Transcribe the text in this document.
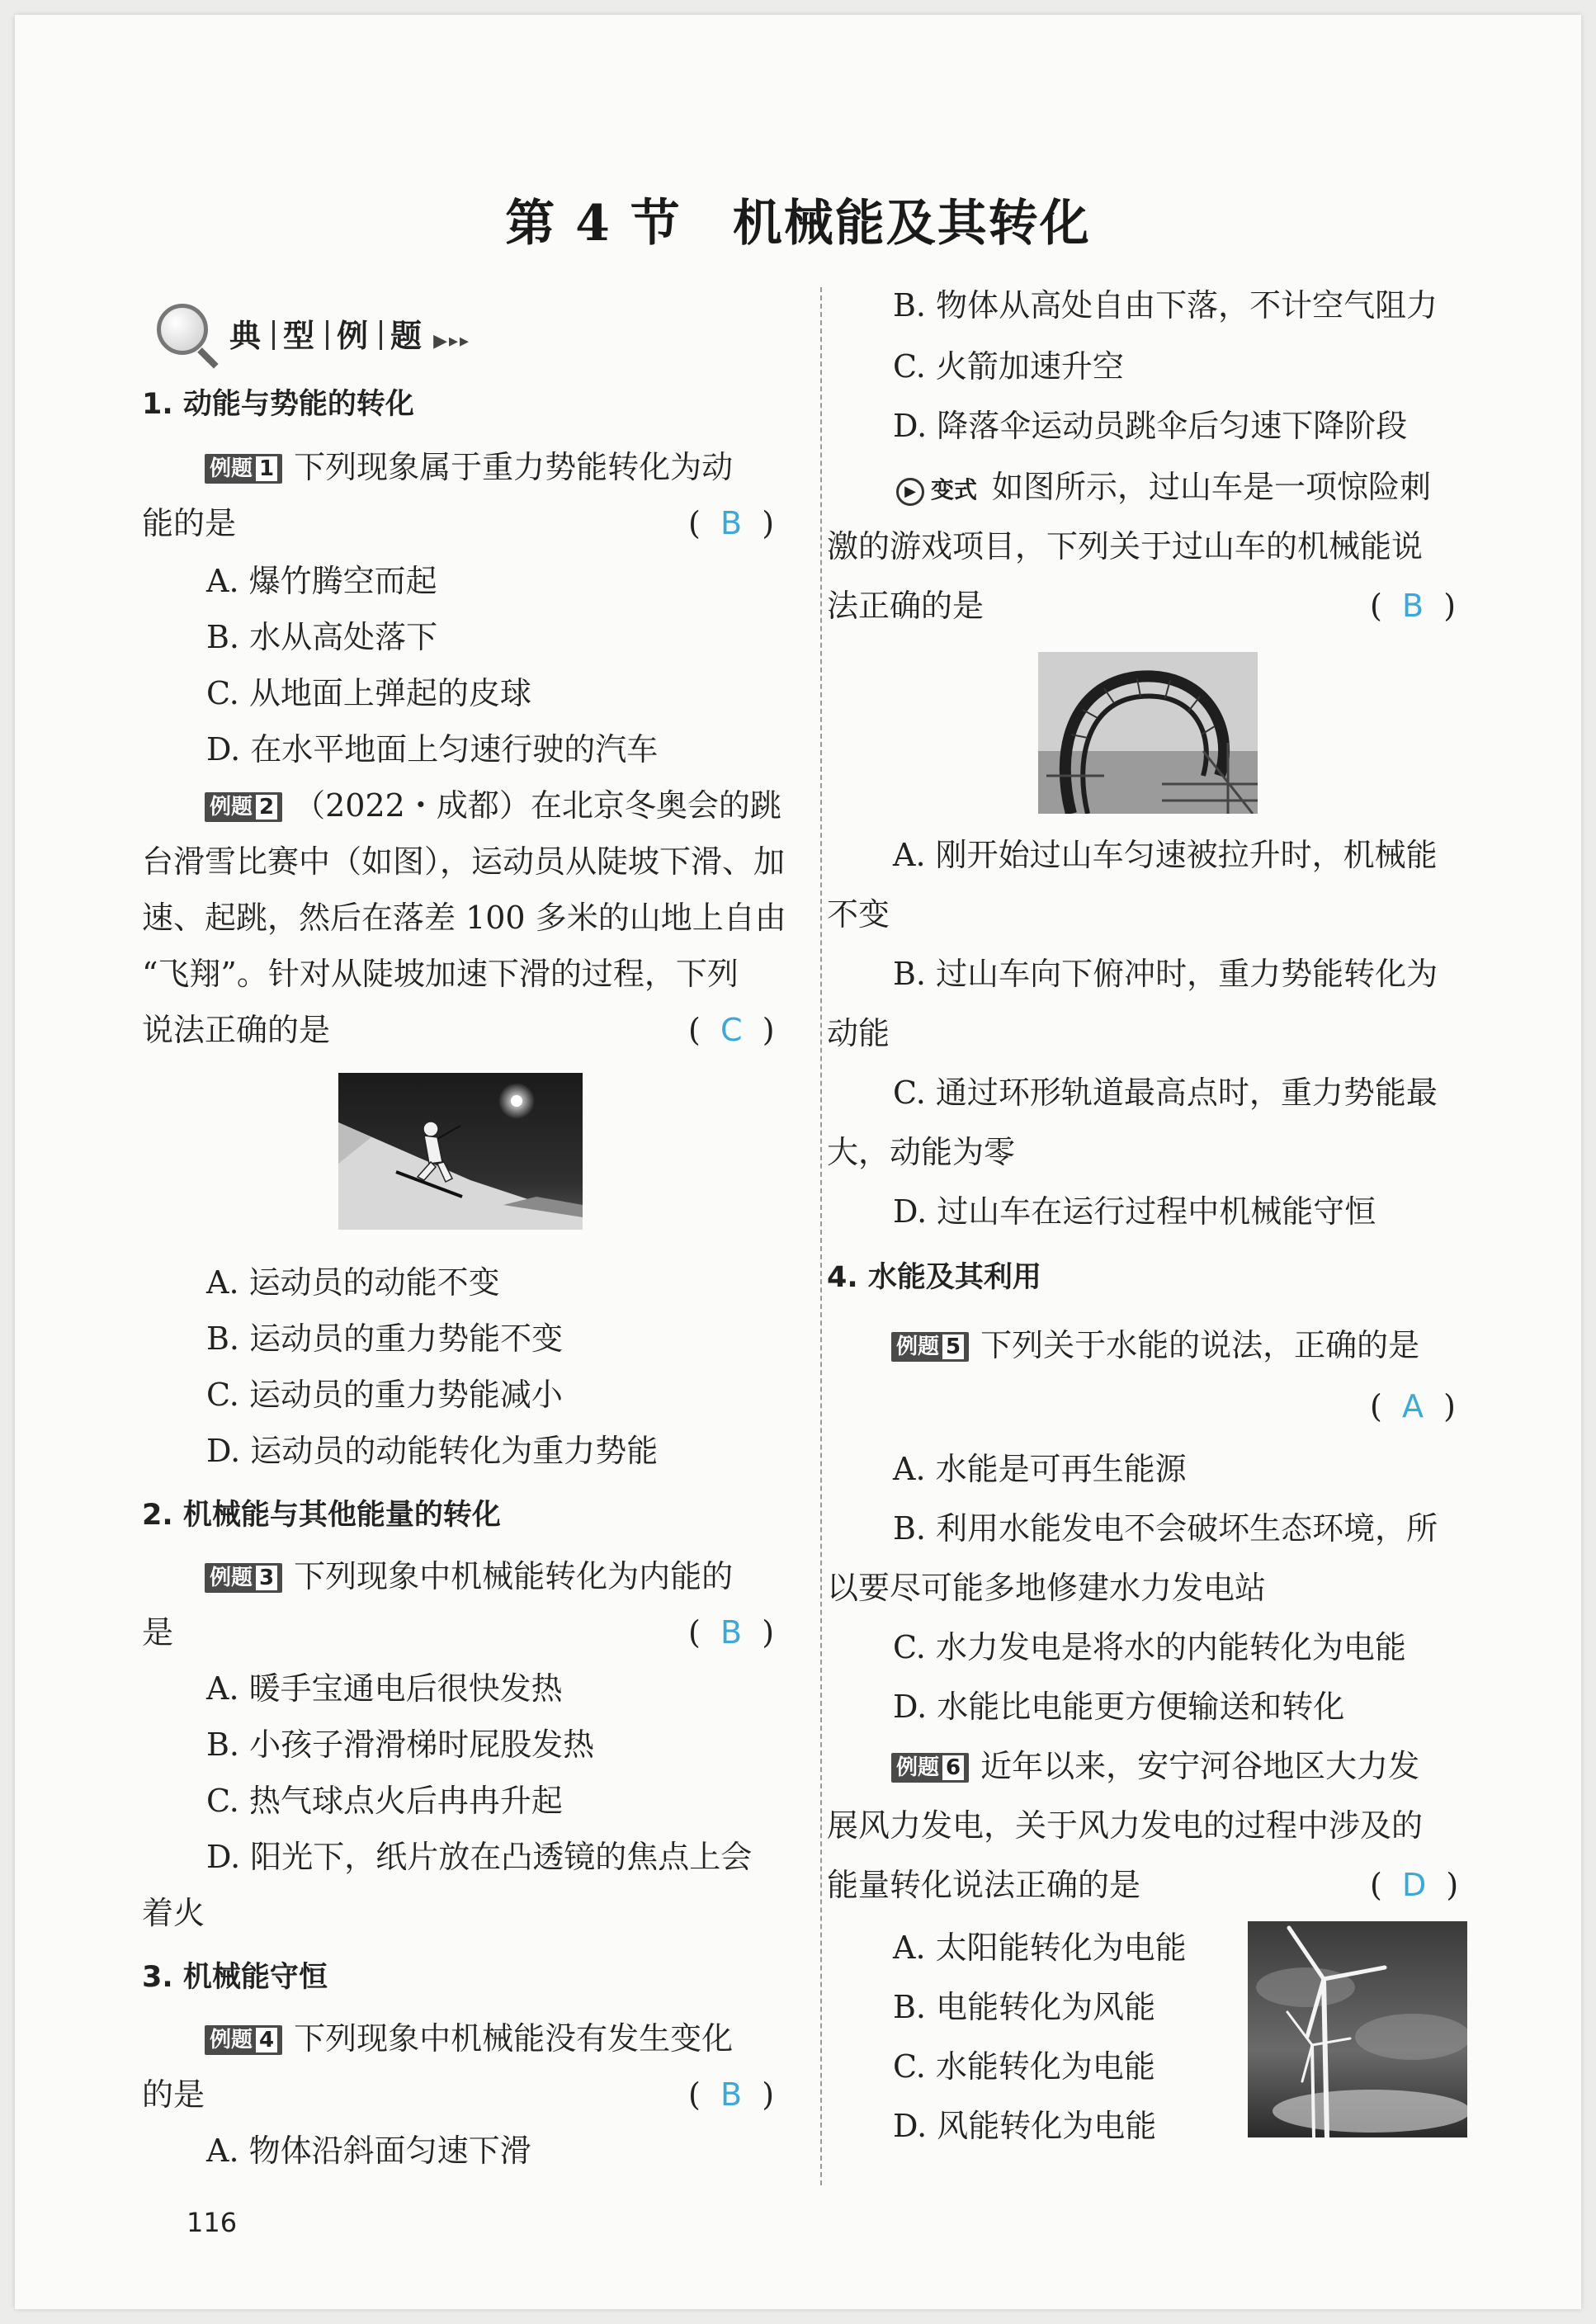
第 4 节　机械能及其转化
典 型 例 题 ▶▸▸
1. 动能与势能的转化
例题 1 下列现象属于重力势能转化为动
能的是	(  B  )
A. 爆竹腾空而起
B. 水从高处落下
C. 从地面上弹起的皮球
D. 在水平地面上匀速行驶的汽车
例题 2 （2022・成都）在北京冬奥会的跳
台滑雪比赛中（如图），运动员从陡坡下滑、加
速、起跳，然后在落差 100 多米的山地上自由
“飞翔”。针对从陡坡加速下滑的过程，下列
说法正确的是	(  C  )
A. 运动员的动能不变
B. 运动员的重力势能不变
C. 运动员的重力势能减小
D. 运动员的动能转化为重力势能
2. 机械能与其他能量的转化
例题 3 下列现象中机械能转化为内能的
是	(  B  )
A. 暖手宝通电后很快发热
B. 小孩子滑滑梯时屁股发热
C. 热气球点火后冉冉升起
D. 阳光下，纸片放在凸透镜的焦点上会
着火
3. 机械能守恒
例题 4 下列现象中机械能没有发生变化
的是	(  B  )
A. 物体沿斜面匀速下滑
B. 物体从高处自由下落，不计空气阻力
C. 火箭加速升空
D. 降落伞运动员跳伞后匀速下降阶段
▶ 变式 如图所示，过山车是一项惊险刺
激的游戏项目，下列关于过山车的机械能说
法正确的是	(  B  )
A. 刚开始过山车匀速被拉升时，机械能
不变
B. 过山车向下俯冲时，重力势能转化为
动能
C. 通过环形轨道最高点时，重力势能最
大，动能为零
D. 过山车在运行过程中机械能守恒
4. 水能及其利用
例题 5 下列关于水能的说法，正确的是
(  A  )
A. 水能是可再生能源
B. 利用水能发电不会破坏生态环境，所
以要尽可能多地修建水力发电站
C. 水力发电是将水的内能转化为电能
D. 水能比电能更方便输送和转化
例题 6 近年以来，安宁河谷地区大力发
展风力发电，关于风力发电的过程中涉及的
能量转化说法正确的是	(  D  )
A. 太阳能转化为电能
B. 电能转化为风能
C. 水能转化为电能
D. 风能转化为电能
116
